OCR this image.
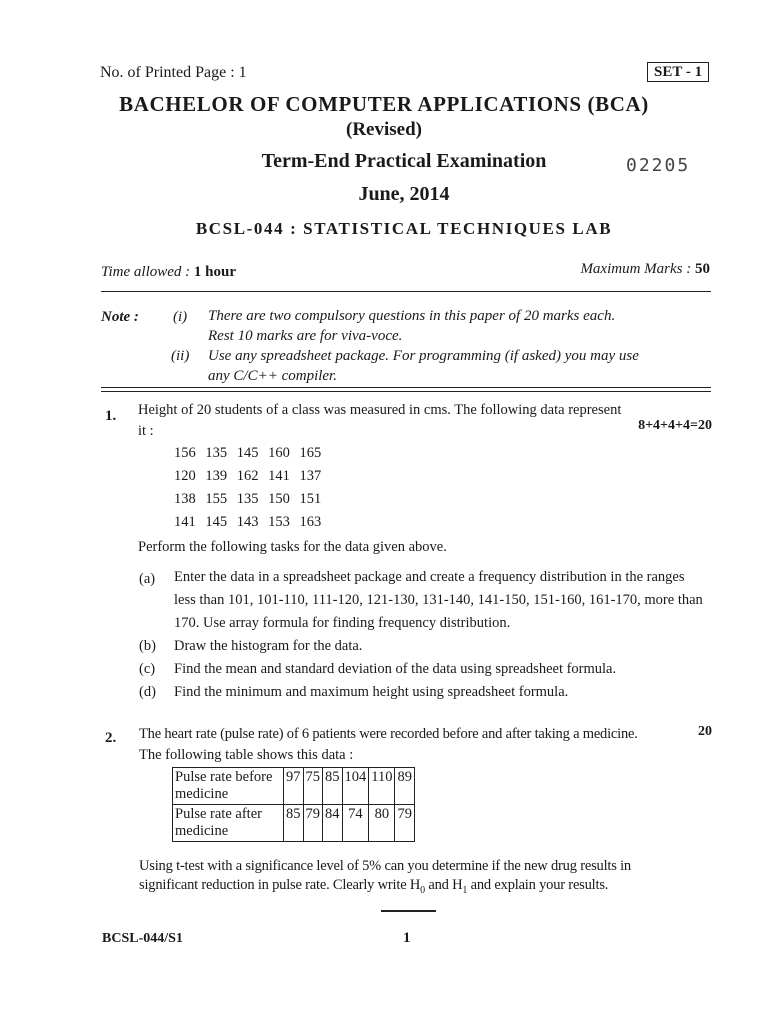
No. of Printed Page : 1	SET - 1
BACHELOR OF COMPUTER APPLICATIONS (BCA)
(Revised)
Term-End Practical Examination	02205
June, 2014
BCSL-044 : STATISTICAL TECHNIQUES LAB
Time allowed : 1 hour	Maximum Marks : 50
Note : (i) There are two compulsory questions in this paper of 20 marks each.
Rest 10 marks are for viva-voce.
(ii) Use any spreadsheet package. For programming (if asked) you may use
any C/C++ compiler.
1. Height of 20 students of a class was measured in cms. The following data represent
it :	8+4+4+4=20
156 135 145 160 165
120 139 162 141 137
138 155 135 150 151
141 145 143 153 163
Perform the following tasks for the data given above.
(a) Enter the data in a spreadsheet package and create a frequency distribution in the ranges less than 101, 101-110, 111-120, 121-130, 131-140, 141-150, 151-160, 161-170, more than 170. Use array formula for finding frequency distribution.
(b) Draw the histogram for the data.
(c) Find the mean and standard deviation of the data using spreadsheet formula.
(d) Find the minimum and maximum height using spreadsheet formula.
2. The heart rate (pulse rate) of 6 patients were recorded before and after taking a medicine.	20
The following table shows this data :
Pulse rate before
medicine	97	75	85	104	110	89

Pulse rate after
medicine	85	79	84	74	80	79
Using t-test with a significance level of 5% can you determine if the new drug results in
significant reduction in pulse rate. Clearly write $H_0$ and $H_1$ and explain your results.
BCSL-044/S1	1
